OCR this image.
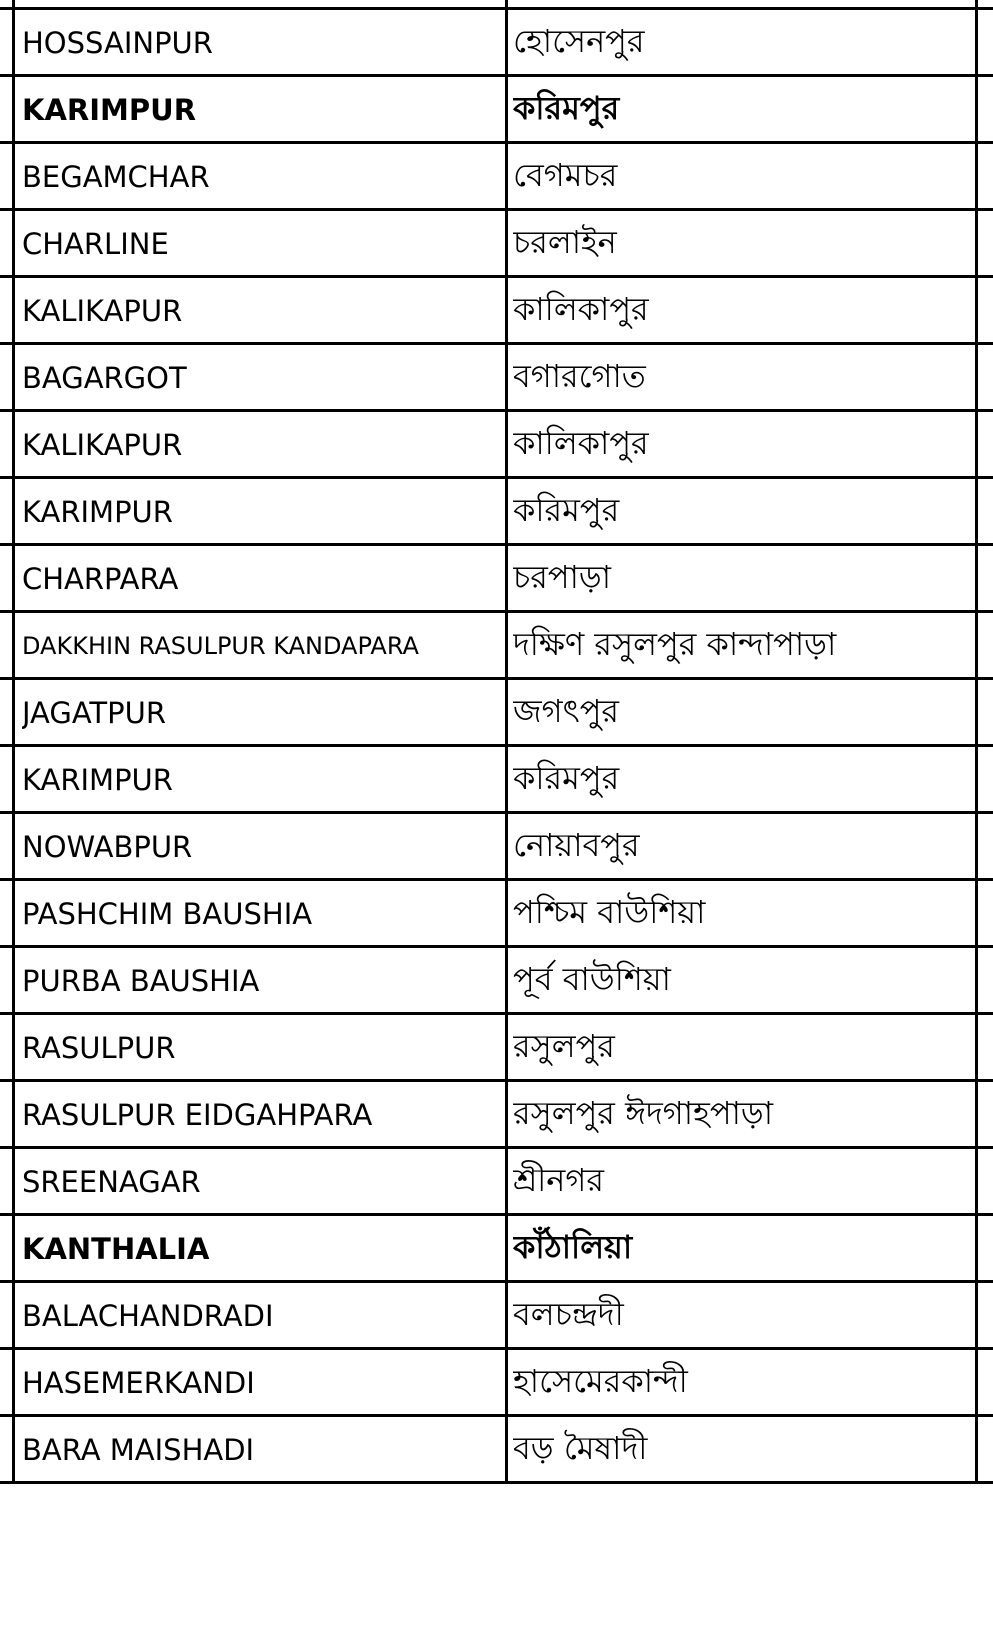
HOSSAINPUR	হোসেনপুর
KARIMPUR	করিমপুর
BEGAMCHAR	বেগমচর
CHARLINE	চরলাইন
KALIKAPUR	কালিকাপুর
BAGARGOT	বগারগোত
KALIKAPUR	কালিকাপুর
KARIMPUR	করিমপুর
CHARPARA	চরপাড়া
DAKKHIN RASULPUR KANDAPARA	দক্ষিণ রসুলপুর কান্দাপাড়া
JAGATPUR	জগৎপুর
KARIMPUR	করিমপুর
NOWABPUR	নোয়াবপুর
PASHCHIM BAUSHIA	পশ্চিম বাউশিয়া
PURBA BAUSHIA	পূর্ব বাউশিয়া
RASULPUR	রসুলপুর
RASULPUR EIDGAHPARA	রসুলপুর ঈদগাহপাড়া
SREENAGAR	শ্রীনগর
KANTHALIA	কাঁঠালিয়া
BALACHANDRADI	বলচন্দ্রদী
HASEMERKANDI	হাসেমেরকান্দী
BARA MAISHADI	বড় মৈষাদী
